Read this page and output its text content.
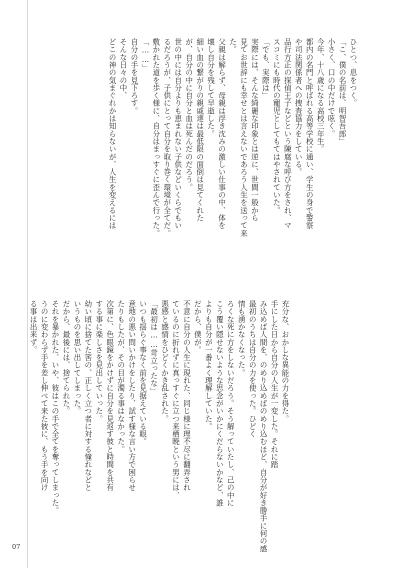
ひとつ、息をつく。
「こ、僕の名前は、明智吾郎」
小さく、口の中だけで呟く。
今年、十八歳になる高校三年生。
都内の名門と呼ばれる高等学校に通い、学生の身で警察
や司法関係者への捜査協力をしている。
品行方正の探偵王子などという陳腐な呼び方をされ、マ
スコミにも時代の寵児としてもてはやされていた。
「でも、実際は」
実際には、そんな綺麗な印象とは逆に、世間一般から
見てお世辞にも幸せとは言えないであろう人生を送って来
た。
父親は解らず、母親は浮き沈みの激しい仕事の中、体を
壊し自分を残して早逝した。
細い血の繋がりの親戚達は最低限の面倒は見てくれた
が、自分の中に自分と血は死んだのだろう。
世の中には自分よりも恵まれない子供などいくらでもい
るだろうが、子供にとって自分を取り巻く環境が全てだ。
敷かれた道を歩く様に、自分はまっすぐに歪んで行った。
「……」
自分の手を見下ろす。
そんな日々の中、
どこの神の気まぐれかは知らないが、人生を変えるには
充分な、おかしな異能の力を得た。
手にした日から自分の人生が一変した。それに踏
み込めば人間を、のめり込めばのめり込むほど、自分が好き勝手に何の感
最初のうちは自分の力を使った。ひどく
情も湧かなくなった。
ろくな死に方をしないだろう。そう解っていたし、己の中に
こう覆い隠せないような思念がいかにくだらないかなど、誰
よりも自分が一番よく理解していた。
だから、僕が。
不意に自分の人生に現れた、同じ様に理不尽に翻弄され
ているのに折れずに真っすぐに立つ来栖暁という男には、
悪感と感情をひどくかき乱された。
「最初は……苛立ったな」
いつも揺らぐ事なく前を見据えている眼。
意地の悪い問いかけをしたり、試す様な言い方で困らせ
たりもしたが、その目が濁る事はなかった。
次第に、色眼鏡をかけずに自分を見返す彼と時間を共有
する事に楽しさを見出していった。
幼い頃に捨てた筈の、正しく立つ者に対する憧れなどと
いうものを思い出してしまった。
だから、最後には、捨てられた。
それを暴かれた、いや、彼はこの手で全てを奪ってしまった。
うのに変わらず手を差し伸べて来た彼に、もう手を向け
る事は出来ず。
07
